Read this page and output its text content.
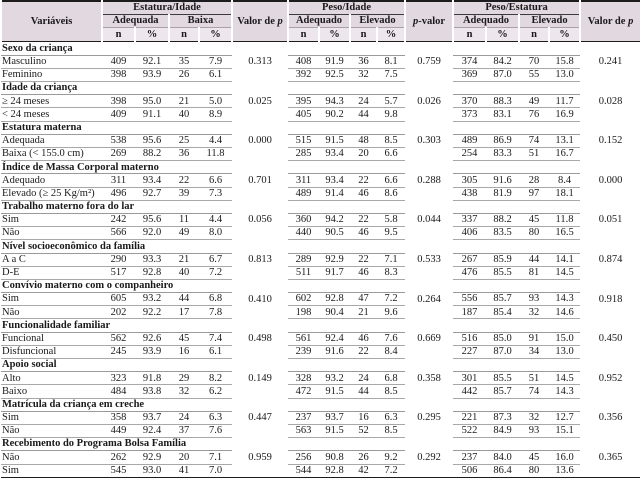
Variáveis	Estatura/Idade				Valor de p	Peso/Idade				p-valor	Peso/Estatura				Valor de p
	Adequada		Baixa			Adequado		Elevado			Adequado		Elevado		
	n	%	n	%		n	%	n	%		n	%	n	%	
Sexo da criança															
Masculino	409	92.1	35	7.9	0.313	408	91.9	36	8.1	0.759	374	84.2	70	15.8	0.241
Feminino	398	93.9	26	6.1		392	92.5	32	7.5		369	87.0	55	13.0	
Idade da criança															
≥ 24 meses	398	95.0	21	5.0	0.025	395	94.3	24	5.7	0.026	370	88.3	49	11.7	0.028
< 24 meses	409	91.1	40	8.9		405	90.2	44	9.8		373	83.1	76	16.9	
Estatura materna															
Adequada	538	95.6	25	4.4	0.000	515	91.5	48	8.5	0.303	489	86.9	74	13.1	0.152
Baixa (< 155.0 cm)	269	88.2	36	11.8		285	93.4	20	6.6		254	83.3	51	16.7	
Índice de Massa Corporal materno															
Adequado	311	93.4	22	6.6	0.701	311	93.4	22	6.6	0.288	305	91.6	28	8.4	0.000
Elevado (≥ 25 Kg/m²)	496	92.7	39	7.3		489	91.4	46	8.6		438	81.9	97	18.1	
Trabalho materno fora do lar															
Sim	242	95.6	11	4.4	0.056	360	94.2	22	5.8	0.044	337	88.2	45	11.8	0.051
Não	566	92.0	49	8.0		440	90.5	46	9.5		406	83.5	80	16.5	
Nível socioeconômico da família															
A a C	290	93.3	21	6.7	0.813	289	92.9	22	7.1	0.533	267	85.9	44	14.1	0.874
D-E	517	92.8	40	7.2		511	91.7	46	8.3		476	85.5	81	14.5	
Convívio materno com o companheiro															
Sim	605	93.2	44	6.8	0.410	602	92.8	47	7.2	0.264	556	85.7	93	14.3	0.918
Não	202	92.2	17	7.8		198	90.4	21	9.6		187	85.4	32	14.6	
Funcionalidade familiar															
Funcional	562	92.6	45	7.4	0.498	561	92.4	46	7.6	0.669	516	85.0	91	15.0	0.450
Disfuncional	245	93.9	16	6.1		239	91.6	22	8.4		227	87.0	34	13.0	
Apoio social															
Alto	323	91.8	29	8.2	0.149	328	93.2	24	6.8	0.358	301	85.5	51	14.5	0.952
Baixo	484	93.8	32	6.2		472	91.5	44	8.5		442	85.7	74	14.3	
Matrícula da criança em creche															
Sim	358	93.7	24	6.3	0.447	237	93.7	16	6.3	0.295	221	87.3	32	12.7	0.356
Não	449	92.4	37	7.6		563	91.5	52	8.5		522	84.9	93	15.1	
Recebimento do Programa Bolsa Família															
Não	262	92.9	20	7.1	0.959	256	90.8	26	9.2	0.292	237	84.0	45	16.0	0.365
Sim	545	93.0	41	7.0		544	92.8	42	7.2		506	86.4	80	13.6	
